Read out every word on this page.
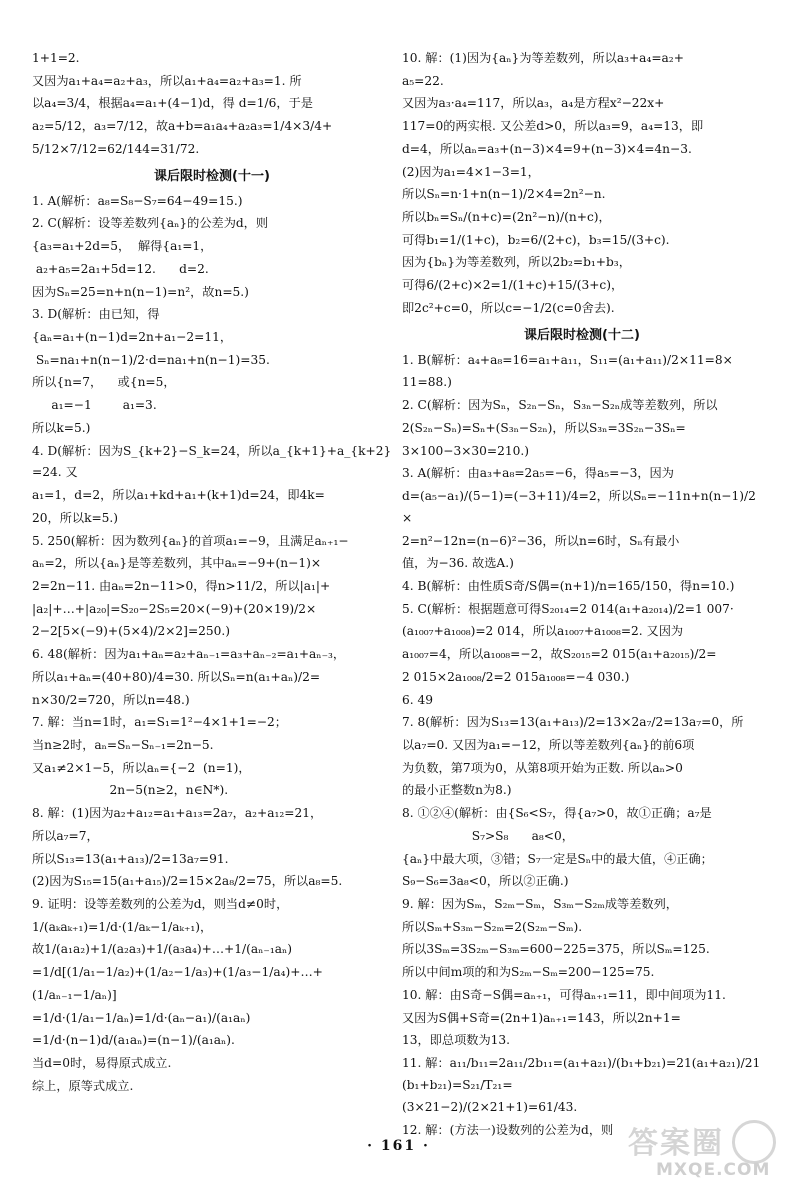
1+1=2.

又因为a₁+a₄=a₂+a₃，所以a₁+a₄=a₂+a₃=1. 所

以a₄=3/4，根据a₄=a₁+(4−1)d，得 d=1/6，于是

a₂=5/12，a₃=7/12，故a+b=a₁a₄+a₂a₃=1/4×3/4+

5/12×7/12=62/144=31/72.

课后限时检测(十一)

1. A(解析：a₈=S₈−S₇=64−49=15.)

2. C(解析：设等差数列{aₙ}的公差为d，则

{a₃=a₁+2d=5，  解得{a₁=1，

a₂+a₅=2a₁+5d=12.      d=2.

因为Sₙ=25=n+n(n−1)=n²，故n=5.)

3. D(解析：由已知，得

{aₙ=a₁+(n−1)d=2n+a₁−2=11，

Sₙ=na₁+n(n−1)/2·d=na₁+n(n−1)=35.

所以{n=7，    或{n=5，

a₁=−1        a₁=3.

所以k=5.)

4. D(解析：因为S_{k+2}−S_k=24，所以a_{k+1}+a_{k+2}=24. 又

a₁=1，d=2，所以a₁+kd+a₁+(k+1)d=24，即4k=

20，所以k=5.)

5. 250(解析：因为数列{aₙ}的首项a₁=−9，且满足aₙ₊₁−

aₙ=2，所以{aₙ}是等差数列，其中aₙ=−9+(n−1)×

2=2n−11. 由aₙ=2n−11>0，得n>11/2，所以|a₁|+

|a₂|+…+|a₂₀|=S₂₀−2S₅=20×(−9)+(20×19)/2×

2−2[5×(−9)+(5×4)/2×2]=250.)

6. 48(解析：因为a₁+aₙ=a₂+aₙ₋₁=a₃+aₙ₋₂=a₁+aₙ₋₃，

所以a₁+aₙ=(40+80)/4=30. 所以Sₙ=n(a₁+aₙ)/2=

n×30/2=720，所以n=48.)

7. 解：当n=1时，a₁=S₁=1²−4×1+1=−2；

当n≥2时，aₙ=Sₙ−Sₙ₋₁=2n−5.

又a₁≠2×1−5，所以aₙ={−2  (n=1)，

2n−5(n≥2，n∈N*).

8. 解：(1)因为a₂+a₁₂=a₁+a₁₃=2a₇，a₂+a₁₂=21，

所以a₇=7，

所以S₁₃=13(a₁+a₁₃)/2=13a₇=91.

(2)因为S₁₅=15(a₁+a₁₅)/2=15×2a₈/2=75，所以a₈=5.

9. 证明：设等差数列的公差为d，则当d≠0时，

1/(aₖaₖ₊₁)=1/d·(1/aₖ−1/aₖ₊₁)，

故1/(a₁a₂)+1/(a₂a₃)+1/(a₃a₄)+…+1/(aₙ₋₁aₙ)

=1/d[(1/a₁−1/a₂)+(1/a₂−1/a₃)+(1/a₃−1/a₄)+…+

(1/aₙ₋₁−1/aₙ)]

=1/d·(1/a₁−1/aₙ)=1/d·(aₙ−a₁)/(a₁aₙ)

=1/d·(n−1)d/(a₁aₙ)=(n−1)/(a₁aₙ).

当d=0时，易得原式成立.

综上，原等式成立.

10. 解：(1)因为{aₙ}为等差数列，所以a₃+a₄=a₂+

a₅=22.

又因为a₃·a₄=117，所以a₃，a₄是方程x²−22x+

117=0的两实根. 又公差d>0，所以a₃=9，a₄=13，即

d=4，所以aₙ=a₃+(n−3)×4=9+(n−3)×4=4n−3.

(2)因为a₁=4×1−3=1，

所以Sₙ=n·1+n(n−1)/2×4=2n²−n.

所以bₙ=Sₙ/(n+c)=(2n²−n)/(n+c)，

可得b₁=1/(1+c)，b₂=6/(2+c)，b₃=15/(3+c).

因为{bₙ}为等差数列，所以2b₂=b₁+b₃，

可得6/(2+c)×2=1/(1+c)+15/(3+c)，

即2c²+c=0，所以c=−1/2(c=0舍去).

课后限时检测(十二)

1. B(解析：a₄+a₈=16=a₁+a₁₁，S₁₁=(a₁+a₁₁)/2×11=8×

11=88.)

2. C(解析：因为Sₙ，S₂ₙ−Sₙ，S₃ₙ−S₂ₙ成等差数列，所以

2(S₂ₙ−Sₙ)=Sₙ+(S₃ₙ−S₂ₙ)，所以S₃ₙ=3S₂ₙ−3Sₙ=

3×100−3×30=210.)

3. A(解析：由a₃+a₈=2a₅=−6，得a₅=−3，因为

d=(a₅−a₁)/(5−1)=(−3+11)/4=2，所以Sₙ=−11n+n(n−1)/2×

2=n²−12n=(n−6)²−36，所以n=6时，Sₙ有最小

值，为−36. 故选A.)

4. B(解析：由性质S奇/S偶=(n+1)/n=165/150，得n=10.)

5. C(解析：根据题意可得S₂₀₁₄=2 014(a₁+a₂₀₁₄)/2=1 007·

(a₁₀₀₇+a₁₀₀₈)=2 014，所以a₁₀₀₇+a₁₀₀₈=2. 又因为

a₁₀₀₇=4，所以a₁₀₀₈=−2，故S₂₀₁₅=2 015(a₁+a₂₀₁₅)/2=

2 015×2a₁₀₀₈/2=2 015a₁₀₀₈=−4 030.)

6. 49

7. 8(解析：因为S₁₃=13(a₁+a₁₃)/2=13×2a₇/2=13a₇=0，所

以a₇=0. 又因为a₁=−12，所以等差数列{aₙ}的前6项

为负数，第7项为0，从第8项开始为正数. 所以aₙ>0

的最小正整数n为8.)

8. ①②④(解析：由{S₆<S₇，得{a₇>0，故①正确；a₇是

S₇>S₈      a₈<0，

{aₙ}中最大项，③错；S₇一定是Sₙ中的最大值，④正确；

S₉−S₆=3a₈<0，所以②正确.)

9. 解：因为Sₘ，S₂ₘ−Sₘ，S₃ₘ−S₂ₘ成等差数列，

所以Sₘ+S₃ₘ−S₂ₘ=2(S₂ₘ−Sₘ).

所以3Sₘ=3S₂ₘ−S₃ₘ=600−225=375，所以Sₘ=125.

所以中间m项的和为S₂ₘ−Sₘ=200−125=75.

10. 解：由S奇−S偶=aₙ₊₁，可得aₙ₊₁=11，即中间项为11.

又因为S偶+S奇=(2n+1)aₙ₊₁=143，所以2n+1=

13，即总项数为13.

11. 解：a₁₁/b₁₁=2a₁₁/2b₁₁=(a₁+a₂₁)/(b₁+b₂₁)=21(a₁+a₂₁)/21(b₁+b₂₁)=S₂₁/T₂₁=

(3×21−2)/(2×21+1)=61/43.

12. 解：(方法一)设数列的公差为d，则

· 161 ·	答案圈
MXQE.COM
